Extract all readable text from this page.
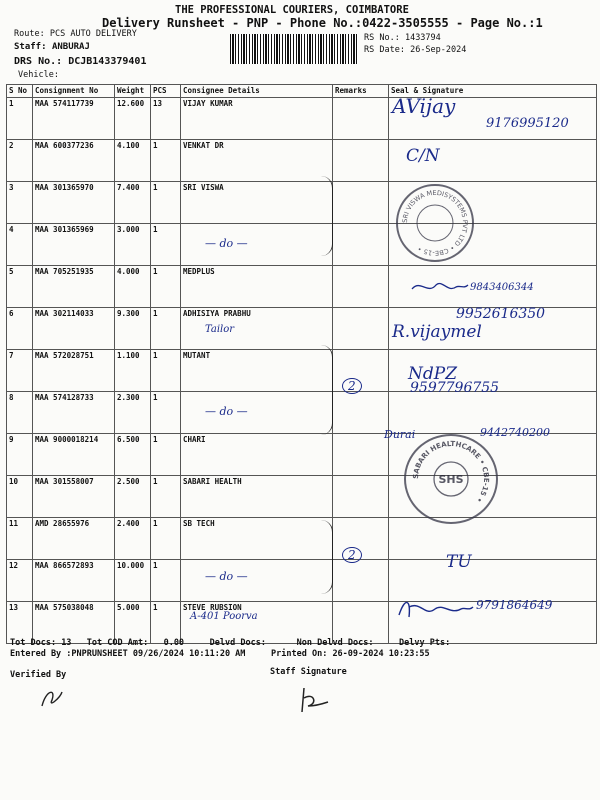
THE PROFESSIONAL COURIERS, COIMBATORE
Delivery Runsheet - PNP - Phone No.:0422-3505555 - Page No.:1
Route: PCS AUTO DELIVERY
Staff: ANBURAJ
DRS No.: DCJB143379401
Vehicle:
RS No.: 1433794
RS Date: 26-Sep-2024
S No	Consignment No	Weight	PCS	Consignee Details	Remarks	Seal & Signature
1	MAA 574117739	12.600	13	VIJAY KUMAR		
2	MAA 600377236	4.100	1	VENKAT DR		
3	MAA 301365970	7.400	1	SRI VISWA		
4	MAA 301365969	3.000	1			
5	MAA 705251935	4.000	1	MEDPLUS		
6	MAA 302114033	9.300	1	ADHISIYA PRABHU		
7	MAA 572028751	1.100	1	MUTANT		
8	MAA 574128733	2.300	1			
9	MAA 9000018214	6.500	1	CHARI		
10	MAA 301558007	2.500	1	SABARI HEALTH		
11	AMD 28655976	2.400	1	SB TECH		
12	MAA 866572893	10.000	1			
13	MAA 575038048	5.000	1	STEVE RUBSION		
2
2
— do —
— do —
— do —
Tailor
A-401 Poorva
AVijay
9176995120
C/N
9843406344
9952616350
R.vijaymel
NdPZ
9597796755
Durai	9442740200
TU
9791864649
SRI VISWA MEDISYSTEMS PVT LTD • CBE-15 •
SABARI HEALTHCARE • CBE-15 •
SHS
Tot Docs: 13 Tot COD Amt: 0.00	Delvd Docs:	Non Delvd Docs:	Delvy Pts:
Entered By :PNPRUNSHEET 09/26/2024 10:11:20 AM	Printed On: 26-09-2024 10:23:55
Verified By	Staff Signature
